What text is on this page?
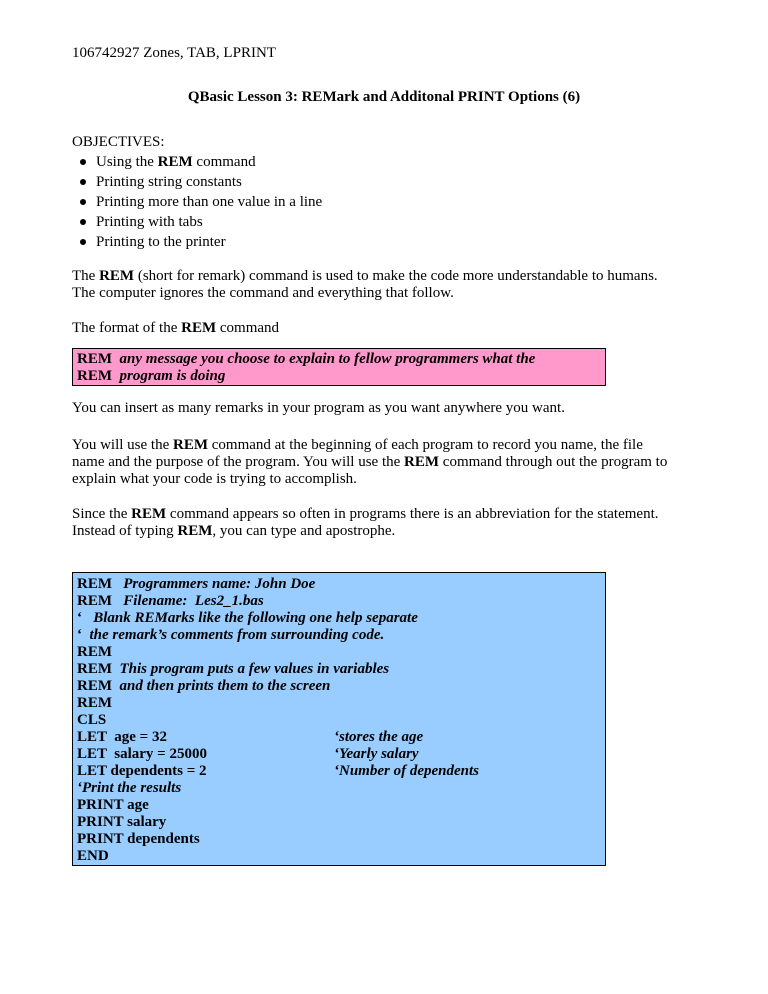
106742927 Zones, TAB, LPRINT
QBasic Lesson 3: REMark and Additonal PRINT Options (6)
OBJECTIVES:
Using the REM command
Printing string constants
Printing more than one value in a line
Printing with tabs
Printing to the printer
The REM (short for remark) command is used to make the code more understandable to humans.
The computer ignores the command and everything that follow.
The format of the REM command
REM  any message you choose to explain to fellow programmers what the
REM  program is doing
You can insert as many remarks in your program as you want anywhere you want.
You will use the REM command at the beginning of each program to record you name, the file
name and the purpose of the program. You will use the REM command through out the program to
explain what your code is trying to accomplish.
Since the REM command appears so often in programs there is an abbreviation for the statement.
Instead of typing REM, you can type and apostrophe.
REM   Programmers name: John Doe
REM   Filename:  Les2_1.bas
‘   Blank REMarks like the following one help separate
‘  the remark’s comments from surrounding code.
REM
REM  This program puts a few values in variables
REM  and then prints them to the screen
REM
CLS
LET  age = 32	‘stores the age
LET  salary = 25000	‘Yearly salary
LET dependents = 2	‘Number of dependents
‘Print the results
PRINT age
PRINT salary
PRINT dependents
END
